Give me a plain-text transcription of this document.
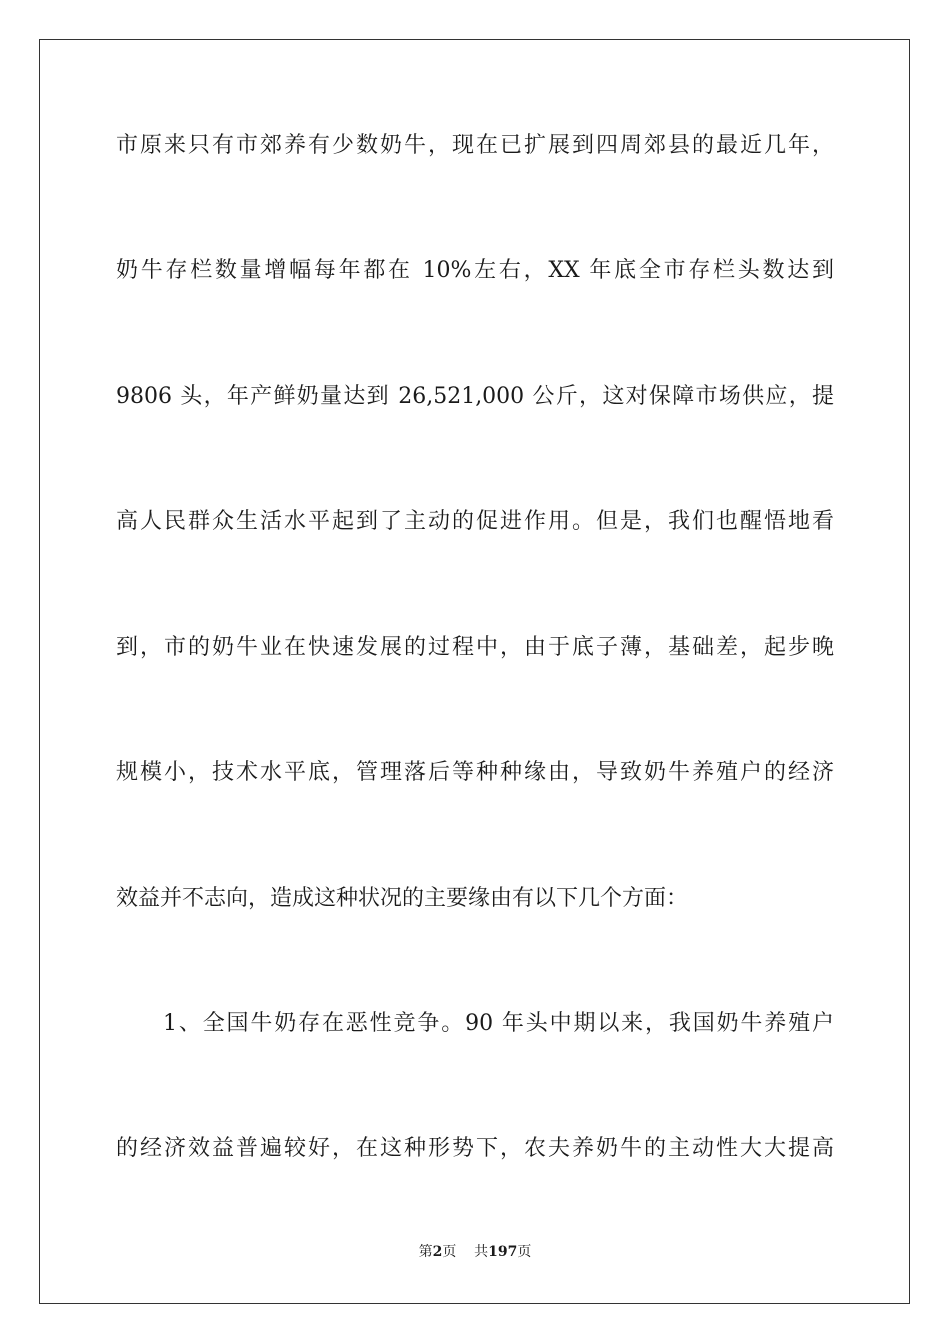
市原来只有市郊养有少数奶牛，现在已扩展到四周郊县的最近几年，
奶牛存栏数量增幅每年都在 10%左右，XX 年底全市存栏头数达到
9806 头，年产鲜奶量达到 26,521,000 公斤，这对保障市场供应，提
高人民群众生活水平起到了主动的促进作用。但是，我们也醒悟地看
到，市的奶牛业在快速发展的过程中，由于底子薄，基础差，起步晚
规模小，技术水平底，管理落后等种种缘由，导致奶牛养殖户的经济
效益并不志向，造成这种状况的主要缘由有以下几个方面：
1、全国牛奶存在恶性竞争。90 年头中期以来，我国奶牛养殖户
的经济效益普遍较好，在这种形势下，农夫养奶牛的主动性大大提高
第2页 共197页
